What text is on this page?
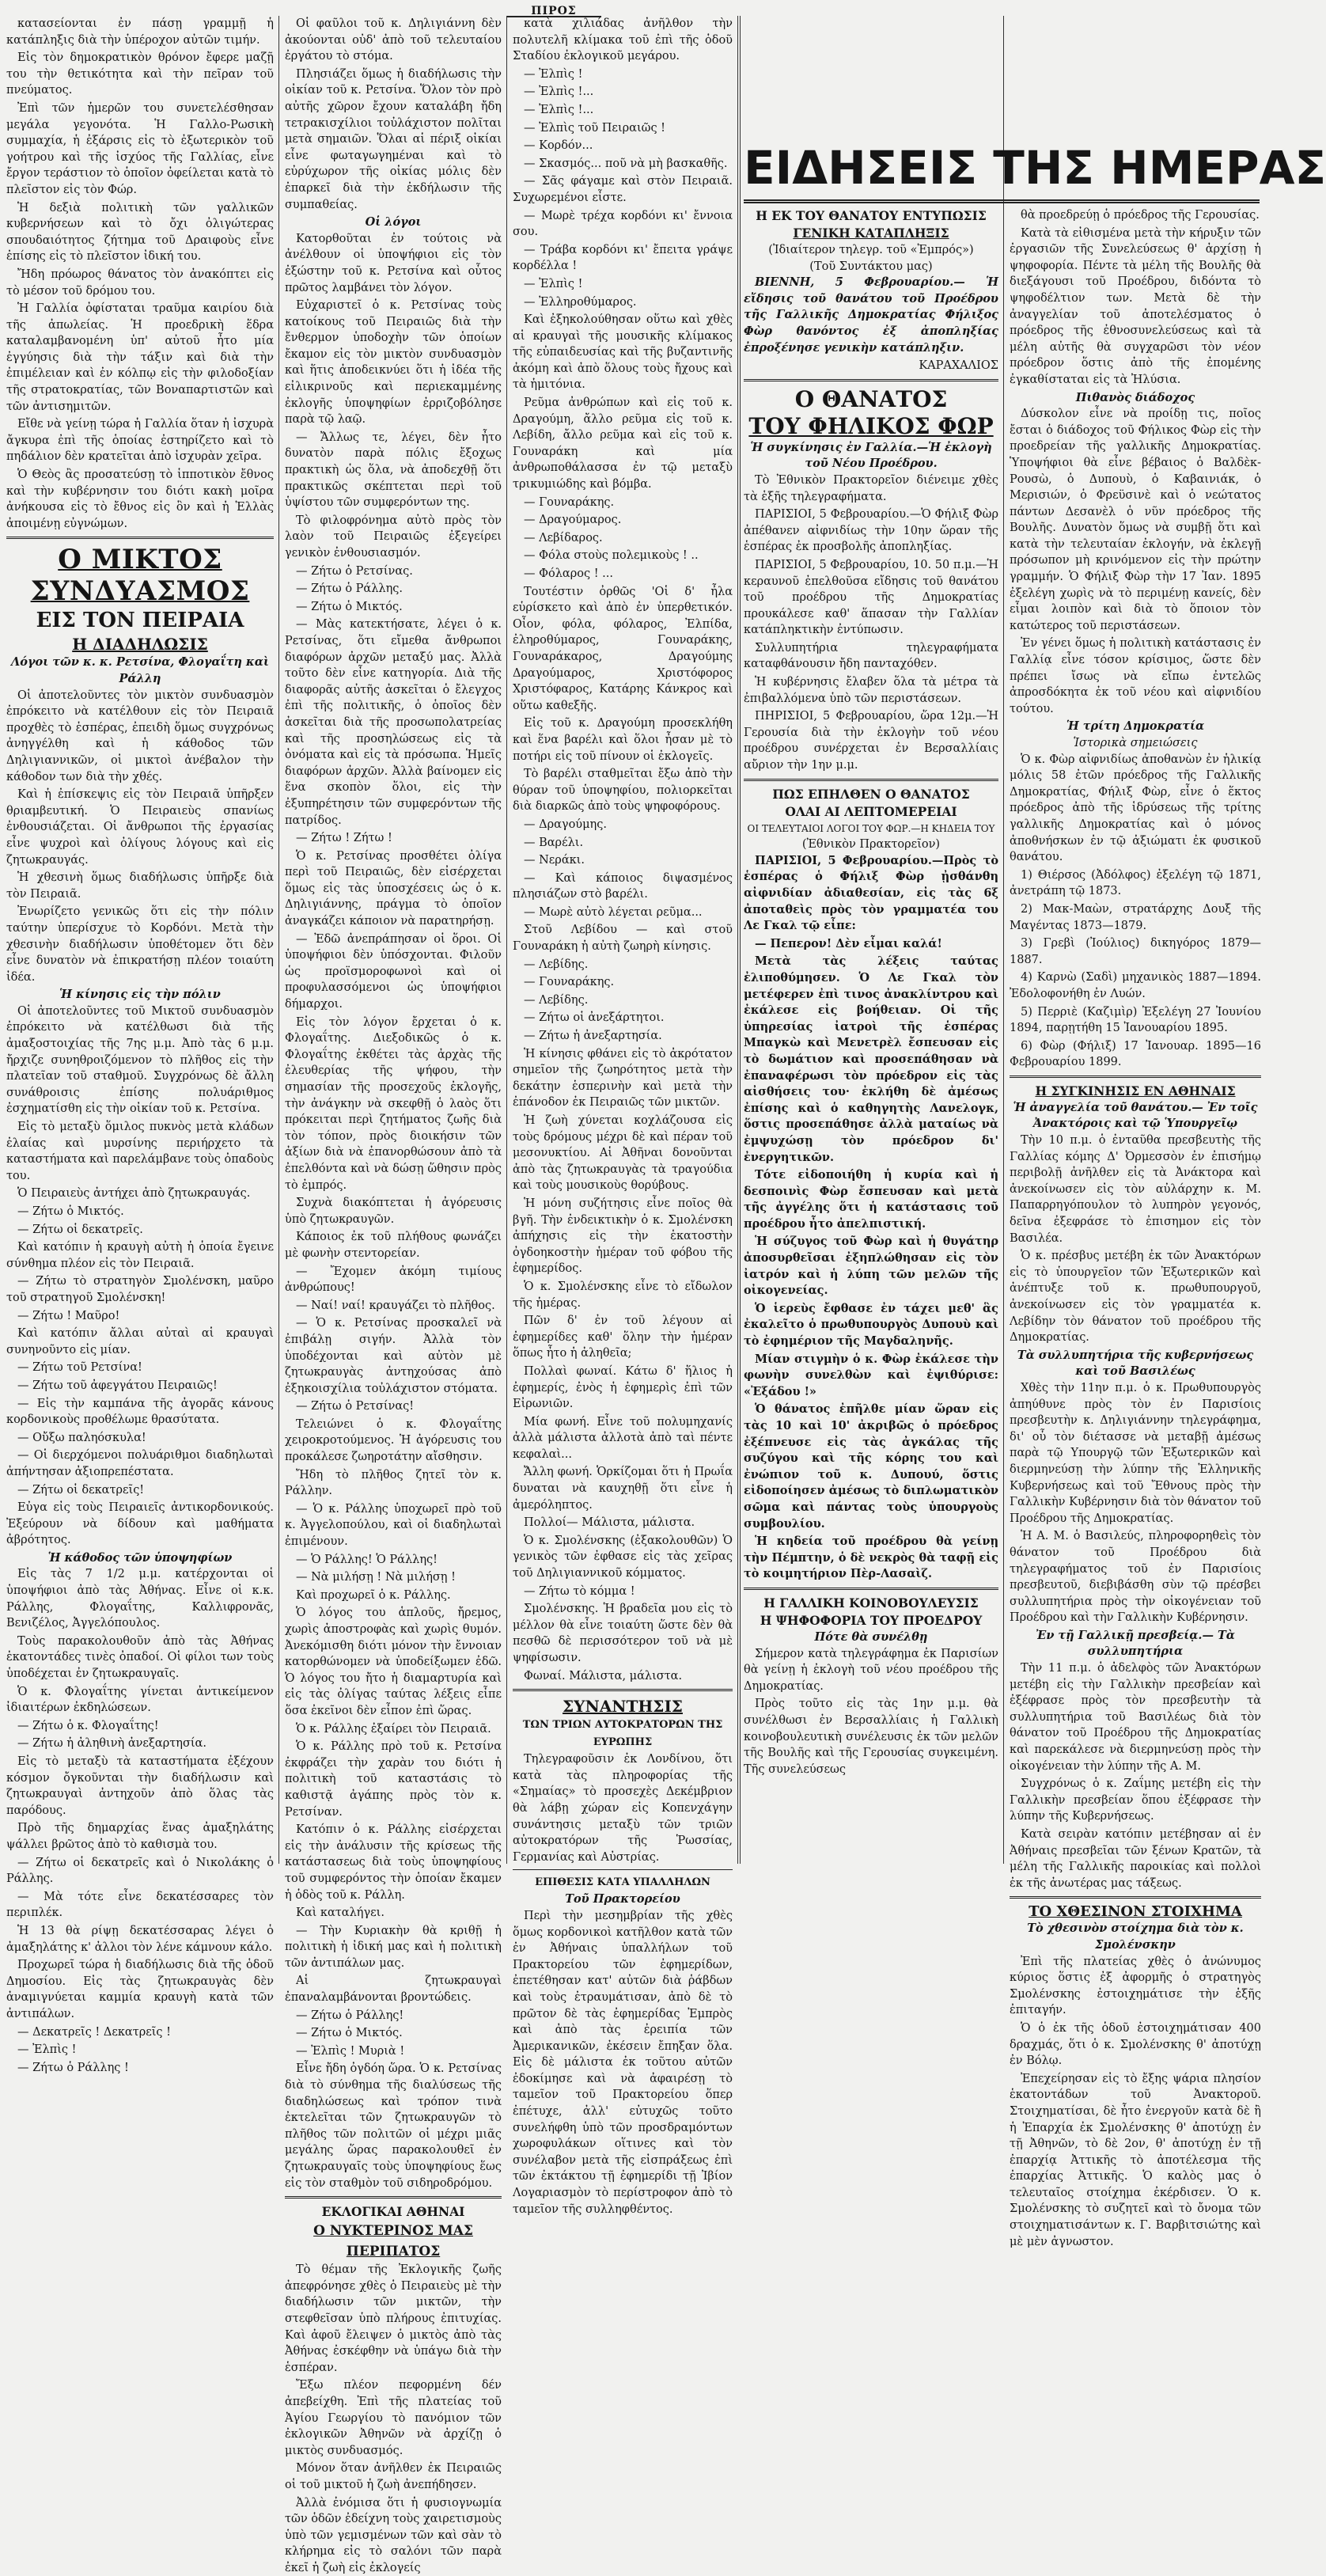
ΠΙΡΟΣ

κατασείονται ἐν πάσῃ γραμμῇ ἡ κατάπληξις διὰ τὴν ὑπέροχον αὐτῶν τιμήν.

Εἰς τὸν δημοκρατικὸν θρόνον ἔφερε μαζῇ του τὴν θετικότητα καὶ τὴν πεῖραν τοῦ πνεύματος.

Ἐπὶ τῶν ἡμερῶν του συνετελέσθησαν μεγάλα γεγονότα. Ἡ Γαλλο-Ρωσικὴ συμμαχία, ἡ ἐξάρσις εἰς τὸ ἐξωτερικὸν τοῦ γοήτρου καὶ τῆς ἰσχύος τῆς Γαλλίας, εἶνε ἔργον τεράστιον τὸ ὁποῖον ὀφείλεται κατὰ τὸ πλεῖστον εἰς τὸν Φώρ.

Ἡ δεξιὰ πολιτικὴ τῶν γαλλικῶν κυβερνήσεων καὶ τὸ ὄχι ὀλιγώτερας σπουδαιότητος ζήτημα τοῦ Δραιφοὺς εἶνε ἐπίσης εἰς τὸ πλεῖστον ἰδική του.

Ἤδη πρόωρος θάνατος τὸν ἀνακόπτει εἰς τὸ μέσον τοῦ δρόμου του.

Ἡ Γαλλία ὀφίσταται τραῦμα καιρίου διὰ τῆς ἀπωλείας. Ἡ προεδρικὴ ἕδρα καταλαμβανομένη ὑπ' αὐτοῦ ἦτο μία ἐγγύησις διὰ τὴν τάξιν καὶ διὰ τὴν ἐπιμέλειαν καὶ ἐν κόλπῳ εἰς τὴν φιλοδοξίαν τῆς στρατοκρατίας, τῶν Βοναπαρτιστῶν καὶ τῶν ἀντισημιτῶν.

Εἴθε νὰ γείνῃ τώρα ἡ Γαλλία ὅταν ἡ ἰσχυρὰ ἄγκυρα ἐπὶ τῆς ὁποίας ἐστηρίζετο καὶ τὸ πηδάλιον δὲν κρατεῖται ἀπὸ ἰσχυρὰν χεῖρα.

Ὁ Θεὸς ἂς προσατεύσῃ τὸ ἱπποτικὸν ἔθνος καὶ τὴν κυβέρνησιν του διότι κακὴ μοῖρα ἀνήκουσα εἰς τὸ ἔθνος εἰς ὃν καὶ ἡ Ἑλλὰς ἀποιμένῃ εὐγνώμων.

Ο ΜΙΚΤΟΣ ΣΥΝΔΥΑΣΜΟΣ
ΕΙΣ ΤΟΝ ΠΕΙΡΑΙΑ
Η ΔΙΑΔΗΛΩΣΙΣ
Λόγοι τῶν κ. κ. Ρετσίνα, Φλογαΐτη καὶ Ράλλη

Οἱ ἀποτελοῦντες τὸν μικτὸν συνδυασμὸν ἐπρόκειτο νὰ κατέλθουν εἰς τὸν Πειραιᾶ προχθὲς τὸ ἑσπέρας, ἐπειδὴ ὅμως συγχρόνως ἀνηγγέλθη καὶ ἡ κάθοδος τῶν Δηλιγιαννικῶν, οἱ μικτοὶ ἀνέβαλον τὴν κάθοδον των διὰ τὴν χθές.

Καὶ ἡ ἐπίσκεψις εἰς τὸν Πειραιᾶ ὑπῆρξεν θριαμβευτική. Ὁ Πειραιεὺς σπανίως ἐνθουσιάζεται. Οἱ ἄνθρωποι τῆς ἐργασίας εἶνε ψυχροὶ καὶ ὀλίγους λόγους καὶ εἰς ζητωκραυγάς.

Ἡ χθεσινὴ ὅμως διαδήλωσις ὑπῆρξε διὰ τὸν Πειραιᾶ.

Ἐνωρίζετο γενικῶς ὅτι εἰς τὴν πόλιν ταύτην ὑπερίσχυε τὸ Κορδόνι. Μετὰ τὴν χθεσινὴν διαδήλωσιν ὑποθέτομεν ὅτι δὲν εἶνε δυνατὸν νὰ ἐπικρατήσῃ πλέον τοιαύτη ἰδέα.

Ἡ κίνησις εἰς τὴν πόλιν

Οἱ ἀποτελοῦντες τοῦ Μικτοῦ συνδυασμὸν ἐπρόκειτο νὰ κατέλθωσι διὰ τῆς ἀμαξοστοιχίας τῆς 7ης μ.μ. Ἀπὸ τὰς 6 μ.μ. ἤρχιζε συνηθροιζόμενον τὸ πλῆθος εἰς τὴν πλατεῖαν τοῦ σταθμοῦ. Συγχρόνως δὲ ἄλλη συνάθροισις ἐπίσης πολυάριθμος ἐσχηματίσθη εἰς τὴν οἰκίαν τοῦ κ. Ρετσίνα.

Εἰς τὸ μεταξὺ ὅμιλος πυκνὸς μετὰ κλάδων ἐλαίας καὶ μυρσίνης περιήρχετο τὰ καταστήματα καὶ παρελάμβανε τοὺς ὀπαδοὺς του.

Ὁ Πειραιεὺς ἀντήχει ἀπὸ ζητωκραυγάς.

— Ζήτω ὁ Μικτός.

— Ζήτω οἱ δεκατρεῖς.

Καὶ κατόπιν ἡ κραυγὴ αὐτὴ ἡ ὁποία ἔγεινε σύνθημα πλέον εἰς τὸν Πειραιᾶ.

— Ζήτω τὸ στρατηγὸν Σμολένσκη, μαῦρο τοῦ στρατηγοῦ Σμολένσκη!

— Ζήτω ! Μαῦρο!

Καὶ κατόπιν ἄλλαι αὐταὶ αἱ κραυγαὶ συνηνοῦντο εἰς μίαν.

— Ζήτω τοῦ Ρετσίνα!

— Ζήτω τοῦ ἀφεγγάτου Πειραιῶς!

— Εἰς τὴν καμπάνα τῆς ἀγορᾶς κάνους κορδονικοὺς προθέλωμε θρασύτατα.

— Οὔξω παληόσκυλα!

— Οἱ διερχόμενοι πολυάριθμοι διαδηλωταὶ ἀπήντησαν ἀξιοπρεπέστατα.

— Ζήτω οἱ δεκατρεῖς!

Εὐγα εἰς τοὺς Πειραιεῖς ἀντικορδονικούς. Ἐξεύρουν νὰ δίδουν καὶ μαθήματα ἀβρότητος.

Ἡ κάθοδος τῶν ὑποψηφίων

Εἰς τὰς 7 1/2 μ.μ. κατέρχονται οἱ ὑποψήφιοι ἀπὸ τὰς Ἀθήνας. Εἶνε οἱ κ.κ. Ράλλης, Φλογαΐτης, Καλλιφρονᾶς, Βενιζέλος, Ἀγγελόπουλος.

Τοὺς παρακολουθοῦν ἀπὸ τὰς Ἀθήνας ἑκατοντάδες τινὲς ὀπαδοί. Οἱ φίλοι των τοὺς ὑποδέχεται ἐν ζητωκραυγαῖς.

Ὁ κ. Φλογαΐτης γίνεται ἀντικείμενον ἰδιαιτέρων ἐκδηλώσεων.

— Ζήτω ὁ κ. Φλογαΐτης!

— Ζήτω ἡ ἀληθινὴ ἀνεξαρτησία.

Εἰς τὸ μεταξὺ τὰ καταστήματα ἐξέχουν κόσμον ὄγκοῦνται τὴν διαδήλωσιν καὶ ζητωκραυγαὶ ἀντηχοῦν ἀπὸ ὅλας τὰς παρόδους.

Πρὸ τῆς δημαρχίας ἕνας ἀμαξηλάτης ψάλλει βρῶτος ἀπὸ τὸ καθισμὰ του.

— Ζήτω οἱ δεκατρεῖς καὶ ὁ Νικολάκης ὁ Ράλλης.

— Μὰ τότε εἶνε δεκατέσσαρες τὸν περιπλέκ.

Ἡ 13 θὰ ρίψῃ δεκατέσσαρας λέγει ὁ ἀμαξηλάτης κ' ἀλλοι τὸν λένε κάμνουν κάλο.

Προχωρεῖ τώρα ἡ διαδήλωσις διὰ τῆς ὁδοῦ Δημοσίου. Εἰς τὰς ζητωκραυγὰς δὲν ἀναμιγνύεται καμμία κραυγὴ κατὰ τῶν ἀντιπάλων.

— Δεκατρεῖς ! Δεκατρεῖς !

— Ἐλπὶς !

— Ζήτω ὁ Ράλλης !

Οἱ φαῦλοι τοῦ κ. Δηλιγιάννη δὲν ἀκούονται οὐδ' ἀπὸ τοῦ τελευταίου ἐργάτου τὸ στόμα.

Πλησιάζει ὅμως ἡ διαδήλωσις τὴν οἰκίαν τοῦ κ. Ρετσίνα. Ὅλον τὸν πρὸ αὐτῆς χῶρον ἔχουν καταλάβη ἤδη τετρακισχίλιοι τοὐλάχιστον πολῖται μετὰ σημαιῶν. Ὅλαι αἱ πέριξ οἰκίαι εἶνε φωταγωγημέναι καὶ τὸ εὐρύχωρον τῆς οἰκίας μόλις δὲν ἐπαρκεῖ διὰ τὴν ἐκδήλωσιν τῆς συμπαθείας.

Οἱ λόγοι

Κατορθοῦται ἐν τούτοις νὰ ἀνέλθουν οἱ ὑποψήφιοι εἰς τὸν ἐξώστην τοῦ κ. Ρετσίνα καὶ οὗτος πρῶτος λαμβάνει τὸν λόγον.

Εὐχαριστεῖ ὁ κ. Ρετσίνας τοὺς κατοίκους τοῦ Πειραιῶς διὰ τὴν ἔνθερμον ὑποδοχὴν τῶν ὁποίων ἔκαμον εἰς τὸν μικτὸν συνδυασμὸν καὶ ἥτις ἀποδεικνύει ὅτι ἡ ἰδέα τῆς εἰλικρινοῦς καὶ περιεκαμμένης ἐκλογῆς ὑποψηφίων ἐρριζοβόλησε παρὰ τῷ λαῷ.

— Ἄλλως τε, λέγει, δὲν ἦτο δυνατὸν παρὰ πόλις ἔξοχως πρακτικὴ ὡς ὅλα, νὰ ἀποδεχθῇ ὅτι πρακτικῶς σκέπτεται περὶ τοῦ ὑψίστου τῶν συμφερόντων της.

Τὸ φιλοφρόνημα αὐτὸ πρὸς τὸν λαὸν τοῦ Πειραιῶς ἐξεγείρει γενικὸν ἐνθουσιασμόν.

— Ζήτω ὁ Ρετσίνας.

— Ζήτω ὁ Ράλλης.

— Ζήτω ὁ Μικτός.

— Μὰς κατεκτήσατε, λέγει ὁ κ. Ρετσίνας, ὅτι εἴμεθα ἄνθρωποι διαφόρων ἀρχῶν μεταξύ μας. Ἀλλὰ τοῦτο δὲν εἶνε κατηγορία. Διὰ τῆς διαφορᾶς αὐτῆς ἀσκεῖται ὁ ἔλεγχος ἐπὶ τῆς πολιτικῆς, ὁ ὁποῖος δὲν ἀσκεῖται διὰ τῆς προσωπολατρείας καὶ τῆς προσηλώσεως εἰς τὰ ὀνόματα καὶ εἰς τὰ πρόσωπα. Ἡμεῖς διαφόρων ἀρχῶν. Ἀλλὰ βαίνομεν εἰς ἕνα σκοπὸν ὅλοι, εἰς τὴν ἐξυπηρέτησιν τῶν συμφερόντων τῆς πατρίδος.

— Ζήτω ! Ζήτω !

Ὁ κ. Ρετσίνας προσθέτει ὀλίγα περὶ τοῦ Πειραιῶς, δὲν εἰσέρχεται ὅμως εἰς τὰς ὑποσχέσεις ὡς ὁ κ. Δηλιγιάννης, πράγμα τὸ ὁποῖον ἀναγκάζει κάποιον νὰ παρατηρήσῃ.

— Ἐδῶ ἀνεπράπησαν οἱ ὅροι. Οἱ ὑποψήφιοι δὲν ὑπόσχονται. Φιλοῦν ὡς προϊσμοροφωνοὶ καὶ οἱ προφυλασσόμενοι ὡς ὑποψήφιοι δήμαρχοι.

Εἰς τὸν λόγον ἔρχεται ὁ κ. Φλογαΐτης. Διεξοδικῶς ὁ κ. Φλογαΐτης ἐκθέτει τὰς ἀρχὰς τῆς ἐλευθερίας τῆς ψήφου, τὴν σημασίαν τῆς προσεχοῦς ἐκλογῆς, τὴν ἀνάγκην νὰ σκεφθῇ ὁ λαὸς ὅτι πρόκειται περὶ ζητήματος ζωῆς διὰ τὸν τόπον, πρὸς διοικήσιν τῶν ἀξίων διὰ νὰ ἐπανορθώσουν ἀπὸ τὰ ἐπελθόντα καὶ νὰ δώσῃ ὥθησιν πρὸς τὸ ἐμπρός.

Συχνὰ διακόπτεται ἡ ἀγόρευσις ὑπὸ ζητωκραυγῶν.

Κάποιος ἐκ τοῦ πλήθους φωνάζει μὲ φωνὴν στεντορείαν.

— Ἔχομεν ἀκόμη τιμίους ἀνθρώπους!

— Ναί! ναί! κραυγάζει τὸ πλῆθος.

— Ὁ κ. Ρετσίνας προσκαλεῖ νὰ ἐπιβάλῃ σιγήν. Ἀλλὰ τὸν ὑποδέχονται καὶ αὐτὸν μὲ ζητωκραυγὰς ἀντηχούσας ἀπὸ ἐξηκοισχίλια τοὐλάχιστον στόματα.

— Ζήτω ὁ Ρετσίνας!

Τελειώνει ὁ κ. Φλογαΐτης χειροκροτούμενος. Ἡ ἀγόρευσις του προκάλεσε ζωηροτάτην αἴσθησιν.

Ἤδη τὸ πλῆθος ζητεῖ τὸν κ. Ράλλην.

— Ὁ κ. Ράλλης ὑποχωρεῖ πρὸ τοῦ κ. Ἀγγελοπούλου, καὶ οἱ διαδηλωταὶ ἐπιμένουν.

— Ὁ Ράλλης! Ὁ Ράλλης!

— Νὰ μιλήσῃ ! Νὰ μιλήσῃ !

Καὶ προχωρεῖ ὁ κ. Ράλλης.

Ὁ λόγος του ἁπλοῦς, ἤρεμος, χωρὶς ἀποστροφὰς καὶ χωρὶς θυμόν. Ἀνεκόμισθη διότι μόνον τὴν ἔννοιαν κατορθώνομεν νὰ ὑποδείξωμεν ἐδῶ. Ὁ λόγος του ἤτο ἡ διαμαρτυρία καὶ εἰς τὰς ὀλίγας ταύτας λέξεις εἶπε ὅσα ἐκεῖνοι δὲν εἶπον ἐπὶ ὥρας.

Ὁ κ. Ράλλης ἐξαίρει τὸν Πειραιᾶ.

Ὁ κ. Ράλλης πρὸ τοῦ κ. Ρετσίνα ἐκφράζει τὴν χαρὰν του διότι ἡ πολιτικὴ τοῦ καταστάσις τὸ καθιστᾷ ἀγάπης πρὸς τὸν κ. Ρετσίναν.

Κατόπιν ὁ κ. Ράλλης εἰσέρχεται εἰς τὴν ἀνάλυσιν τῆς κρίσεως τῆς κατάστασεως διὰ τοὺς ὑποψηφίους τοῦ συμφερόντος τὴν ὁποίαν ἔκαμεν ἡ ὁδὸς τοῦ κ. Ράλλη.

Καὶ καταλήγει.

— Τὴν Κυριακὴν θὰ κριθῇ ἡ πολιτικὴ ἡ ἰδική μας καὶ ἡ πολιτικὴ τῶν ἀντιπάλων μας.

Αἱ ζητωκραυγαὶ ἐπαναλαμβάνονται βροντώδεις.

— Ζήτω ὁ Ράλλης!

— Ζήτω ὁ Μικτός.

— Ἐλπὶς ! Μυριὰ !

Εἶνε ἤδη ὀγδόη ὥρα. Ὁ κ. Ρετσίνας διὰ τὸ σύνθημα τῆς διαλύσεως τῆς διαδηλώσεως καὶ τρόπον τινὰ ἐκτελεῖται τῶν ζητωκραυγῶν τὸ πλῆθος τῶν πολιτῶν οἱ μέχρι μιᾶς μεγάλης ὥρας παρακολουθεῖ ἐν ζητωκραυγαῖς τοὺς ὑποψηφίους ἕως εἰς τὸν σταθμὸν τοῦ σιδηροδρόμου.

ΕΚΛΟΓΙΚΑΙ ΑΘΗΝΑΙ
Ο ΝΥΚΤΕΡΙΝΟΣ ΜΑΣ ΠΕΡΙΠΑΤΟΣ

Τὸ θέμαν τῆς Ἐκλογικῆς ζωῆς ἀπεφρόνησε χθὲς ὁ Πειραιεὺς μὲ τὴν διαδήλωσιν τῶν μικτῶν, τὴν στεφθεῖσαν ὑπὸ πλήρους ἐπιτυχίας. Καὶ ἀφοῦ ἔλειψεν ὁ μικτὸς ἀπὸ τὰς Ἀθήνας ἐσκέφθην νὰ ὑπάγω διὰ τὴν ἑσπέραν.

Ἔξω πλέον πεφορμένη δέν ἀπεβείχθη. Ἐπὶ τῆς πλατείας τοῦ Ἀγίου Γεωργίου τὸ πανόμιον τῶν ἐκλογικῶν Ἀθηνῶν νὰ ἀρχίζῃ ὁ μικτὸς συνδυασμός.

Μόνον ὅταν ἀνῆλθεν ἐκ Πειραιῶς οἱ τοῦ μικτοῦ ἡ ζωὴ ἀνεπήδησεν.

Ἀλλὰ ἐνόμισα ὅτι ἡ φυσιογνωμία τῶν ὁδῶν ἐδείχνη τοὺς χαιρετισμοὺς ὑπὸ τῶν γεμισμένων τῶν καὶ σὰν τὸ κλήρημα εἰς τὸ σαλόνι τῶν παρὰ ἐκεῖ ἡ ζωὴ εἰς ἐκλογείς

κατὰ χιλιάδας ἀνῆλθον τὴν πολυτελῆ κλίμακα τοῦ ἐπὶ τῆς ὁδοῦ Σταδίου ἐκλογικοῦ μεγάρου.

— Ἐλπὶς !

— Ἐλπὶς !...

— Ἐλπὶς !...

— Ἐλπὶς τοῦ Πειραιῶς !

— Κορδόν...

— Σκασμός... ποῦ νὰ μὴ βασκαθῆς.

— Σᾶς φάγαμε καὶ στὸν Πειραιᾶ. Συχωρεμένοι εἶστε.

— Μωρὲ τρέχα κορδόνι κι' ἔννοια σου.

— Τράβα κορδόνι κι' ἔπειτα γράψε κορδέλλα !

— Ἐλπὶς !

— Ἐλληροθύμαρος.

Καὶ ἐξηκολούθησαν οὕτω καὶ χθὲς αἱ κραυγαὶ τῆς μουσικῆς κλίμακος τῆς εὐπαιδευσίας καὶ τῆς βυζαντινῆς ἀκόμη καὶ ἀπὸ ὅλους τοὺς ἤχους καὶ τὰ ἡμιτόνια.

Ρεῦμα ἀνθρώπων καὶ εἰς τοῦ κ. Δραγούμη, ἄλλο ρεῦμα εἰς τοῦ κ. Λεβίδη, ἄλλο ρεῦμα καὶ εἰς τοῦ κ. Γουναράκη καὶ μία ἀνθρωποθάλασσα ἐν τῷ μεταξὺ τρικυμιώδης καὶ βόμβα.

— Γουναράκης.

— Δραγούμαρος.

— Λεβίδαρος.

— Φόλα στοὺς πολεμικοὺς ! ..

— Φόλαρος ! ...

Τουτέστιν ὀρθῶς 'Οἱ δ' ἦλα εὑρίσκετο καὶ ἀπὸ ἐν ὑπερθετικόν. Οἶον, φόλα, φόλαρος, Ἐλπίδα, ἐληροθύμαρος, Γουναράκης, Γουναράκαρος, Δραγούμης Δραγούμαρος, Χριστόφορος Χριστόφαρος, Κατάρης Κάνκρος καὶ οὕτω καθεξῆς.

Εἰς τοῦ κ. Δραγούμη προσεκλήθη καὶ ἕνα βαρέλι καὶ ὅλοι ἦσαν μὲ τὸ ποτήρι εἰς τοῦ πίνουν οἱ ἐκλογεῖς.

Τὸ βαρέλι σταθμεῖται ἔξω ἀπὸ τὴν θύραν τοῦ ὑποψηφίου, πολιορκεῖται διὰ διαρκῶς ἀπὸ τοὺς ψηφοφόρους.

— Δραγούμης.

— Βαρέλι.

— Νεράκι.

— Καὶ κάποιος διψασμένος πλησιάζων στὸ βαρέλι.

— Μωρὲ αὐτὸ λέγεται ρεῦμα...

Στοῦ Λεβίδου — καὶ στοῦ Γουναράκη ἡ αὐτὴ ζωηρὴ κίνησις.

— Λεβίδης.

— Γουναράκης.

— Λεβίδης.

— Ζήτω οἱ ἀνεξάρτητοι.

— Ζήτω ἡ ἀνεξαρτησία.

Ἡ κίνησις φθάνει εἰς τὸ ἀκρότατον σημεῖον τῆς ζωηρότητος μετὰ τὴν δεκάτην ἑσπερινὴν καὶ μετὰ τὴν ἐπάνοδον ἐκ Πειραιῶς τῶν μικτῶν.

Ἡ ζωὴ χύνεται κοχλάζουσα εἰς τοὺς δρόμους μέχρι δὲ καὶ πέραν τοῦ μεσονυκτίου. Αἱ Ἀθῆναι δονοῦνται ἀπὸ τὰς ζητωκραυγὰς τὰ τραγούδια καὶ τοὺς μουσικοὺς θορύβους.

Ἡ μόνη συζήτησις εἶνε ποῖος θὰ βγῆ. Τὴν ἐνδεικτικὴν ὁ κ. Σμολένσκη ἀπήχησις εἰς τὴν ἑκατοστὴν ὀγδοηκοστὴν ἡμέραν τοῦ φόβου τῆς ἐφημερίδος.

Ὁ κ. Σμολένσκης εἶνε τὸ εἴδωλον τῆς ἡμέρας.

Πῶν δ' ἐν τοῦ λέγουν αἱ ἐφημερίδες καθ' ὅλην τὴν ἡμέραν ὅπως ἦτο ἡ ἀληθεῖα;

Πολλαὶ φωναί. Κάτω δ' ἥλιος ἡ ἐφημερίς, ἐνὸς ἡ ἐφημερὶς ἐπὶ τῶν Εἰρωνιῶν.

Μία φωνή. Εἶνε τοῦ πολυμηχανίς ἀλλὰ μάλιστα ἀλλοτὰ ἀπὸ ταὶ πέντε κεφαλαὶ...

Ἄλλη φωνή. Ὁρκίζομαι ὅτι ἡ Πρωΐα δυναται νὰ καυχηθῇ ὅτι εἶνε ἡ ἀμερόληπτος.

Πολλοί— Μάλιστα, μάλιστα.

Ὁ κ. Σμολένσκης (ἐξακολουθῶν) Ὁ γενικὸς τῶν ἐφθασε εἰς τὰς χεῖρας τοῦ Δηλιγιαννικοῦ κόμματος.

— Ζήτω τὸ κόμμα !

Σμολένσκης. Ἡ βραδεῖα μου εἰς τὸ μέλλον θὰ εἶνε τοιαύτη ὥστε δὲν θὰ πεσθῶ δὲ περισσότερον τοῦ νὰ μὲ ψηφίσωσιν.

Φωναί. Μάλιστα, μάλιστα.

ΣΥΝΑΝΤΗΣΙΣ
ΤΩΝ ΤΡΙΩΝ ΑΥΤΟΚΡΑΤΟΡΩΝ ΤΗΣ ΕΥΡΩΠΗΣ

Τηλεγραφοῦσιν ἐκ Λονδίνου, ὅτι κατὰ τὰς πληροφορίας τῆς «Σημαίας» τὸ προσεχὲς Δεκέμβριον θὰ λάβῃ χώραν εἰς Κοπενχάγην συνάντησις μεταξὺ τῶν τριῶν αὐτοκρατόρων τῆς Ῥωσσίας, Γερμανίας καὶ Αὐστρίας.

ΕΠΙΘΕΣΙΣ ΚΑΤΑ ΥΠΑΛΛΗΛΩΝ
Τοῦ Πρακτορείου

Περὶ τὴν μεσημβρίαν τῆς χθὲς ὅμως κορδονικοὶ κατῆλθον κατὰ τῶν ἐν Ἀθήναις ὑπαλλήλων τοῦ Πρακτορείου τῶν ἐφημερίδων, ἐπετέθησαν κατ' αὐτῶν διὰ ῥάβδων καὶ τοὺς ἐτραυμάτισαν, ἀπὸ δὲ τὸ πρῶτον δὲ τὰς ἐφημερίδας Ἐμπρὸς καὶ ἀπὸ τὰς ἐρειπία τῶν Ἀμερικανικῶν, ἐκέσειν ἔπηξαν ὅλα. Εἰς δὲ μάλιστα ἐκ τοῦτου αὐτῶν ἐδοκίμησε καὶ νὰ ἀφαιρέσῃ τὸ ταμεῖον τοῦ Πρακτορείου ὅπερ ἐπέτυχε, ἀλλ' εὐτυχῶς τοῦτο συνελήφθη ὑπὸ τῶν προσδραμόντων χωροφυλάκων οἵτινες καὶ τὸν συνέλαβον μετὰ τῆς εἰσπράξεως ἐπὶ τῶν ἐκτάκτου τῇ ἐφημερίδι τῇ Ἰβίον Λογαριασμὸν τὸ περίστροφον ἀπὸ τὸ ταμεῖον τῆς συλληφθέντος.

ΕΙΔΗΣΕΙΣ ΤΗΣ ΗΜΕΡΑΣ
Η ΕΚ ΤΟΥ ΘΑΝΑΤΟΥ ΕΝΤΥΠΩΣΙΣ
ΓΕΝΙΚΗ ΚΑΤΑΠΛΗΞΙΣ
(Ἰδιαίτερον τηλεγρ. τοῦ «Ἐμπρός»)
(Τοῦ Συντάκτου μας)

ΒΙΕΝΝΗ, 5 Φεβρουαρίου.— Ἡ εἴδησις τοῦ θανάτου τοῦ Προέδρου τῆς Γαλλικῆς Δημοκρατίας Φήλιξος Φὼρ θανόντος ἐξ ἀποπληξίας ἐπροξένησε γενικὴν κατάπληξιν.

ΚΑΡΑΧΑΛΙΟΣ
Ο ΘΑΝΑΤΟΣ
ΤΟΥ ΦΗΛΙΚΟΣ ΦΩΡ
Ἡ συγκίνησις ἐν Γαλλία.—Ἡ ἐκλογὴ τοῦ Νέου Προέδρου.

Τὸ Ἐθνικὸν Πρακτορεῖον διένειμε χθὲς τὰ ἑξῆς τηλεγραφήματα.

ΠΑΡΙΣΙΟΙ, 5 Φεβρουαρίου.—Ὁ Φήλιξ Φὼρ ἀπέθανεν αἰφνιδίως τὴν 10ην ὥραν τῆς ἑσπέρας ἐκ προσβολῆς ἀποπληξίας.

ΠΑΡΙΣΙΟΙ, 5 Φεβρουαρίου, 10. 50 π.μ.—Ἡ κεραυνοῦ ἐπελθοῦσα εἴδησις τοῦ θανάτου τοῦ προέδρου τῆς Δημοκρατίας προυκάλεσε καθ' ἅπασαν τὴν Γαλλίαν κατάπληκτικὴν ἐντύπωσιν.

Συλλυπητήρια τηλεγραφήματα καταφθάνουσιν ἤδη πανταχόθεν.

Ἡ κυβέρνησις ἔλαβεν ὅλα τὰ μέτρα τὰ ἐπιβαλλόμενα ὑπὸ τῶν περιστάσεων.

ΠΗΡΙΣΙΟΙ, 5 Φεβρουαρίου, ὥρα 12μ.—Ἡ Γερουσία διὰ τὴν ἐκλογὴν τοῦ νέου προέδρου συνέρχεται ἐν Βερσαλλίαις αὔριον τὴν 1ην μ.μ.

ΠΩΣ ΕΠΗΛΘΕΝ Ο ΘΑΝΑΤΟΣ
ΟΛΑΙ ΑΙ ΛΕΠΤΟΜΕΡΕΙΑΙ
ΟΙ ΤΕΛΕΥΤΑΙΟΙ ΛΟΓΟΙ ΤΟΥ ΦΩΡ.—Η ΚΗΔΕΙΑ ΤΟΥ
(Ἐθνικὸν Πρακτορεῖον)

ΠΑΡΙΣΙΟΙ, 5 Φεβρουαρίου.—Πρὸς τὸ ἑσπέρας ὁ Φήλιξ Φὼρ ᾐσθάνθη αἰφνιδίαν ἀδιαθεσίαν, εἰς τὰς 6ξ ἀποταθεὶς πρὸς τὸν γραμματέα του Λε Γκαλ τῷ εἶπε:

— Πεπερον! Δὲν εἶμαι καλά!

Μετὰ τὰς λέξεις ταύτας ἐλιποθύμησεν. Ὁ Λε Γκαλ τὸν μετέφερεν ἐπὶ τινος ἀνακλίντρου καὶ ἐκάλεσε εἰς βοήθειαν. Οἱ τῆς ὑπηρεσίας ἰατροὶ τῆς ἑσπέρας Μπαγκὼ καὶ Μενετρὲλ ἔσπευσαν εἰς τὸ δωμάτιον καὶ προσεπάθησαν νὰ ἐπαναφέρωσι τὸν πρόεδρον εἰς τὰς αἰσθήσεις του· ἐκλήθη δὲ ἀμέσως ἐπίσης καὶ ὁ καθηγητὴς Λανελογκ, ὅστις προσεπάθησε ἀλλὰ ματαίως νὰ ἐμψυχώσῃ τὸν πρόεδρον δι' ἐνεργητικῶν.

Τότε εἰδοποιήθη ἡ κυρία καὶ ἡ δεσποινὶς Φὼρ ἔσπευσαν καὶ μετὰ τῆς ἀγγέλης ὅτι ἡ κατάστασις τοῦ προέδρου ἦτο ἀπελπιστική.

Ἡ σύζυγος τοῦ Φὼρ καὶ ἡ θυγάτηρ ἀποσυρθεῖσαι ἐξηπλώθησαν εἰς τὸν ἰατρόν καὶ ἡ λύπη τῶν μελῶν τῆς οἰκογενείας.

Ὁ ἱερεὺς ἔφθασε ἐν τάχει μεθ' ἃς ἐκαλεῖτο ὁ πρωθυπουργὸς Δυπουὺ καὶ τὸ ἐφημέριον τῆς Μαγδαληνῆς.

Μίαν στιγμὴν ὁ κ. Φὼρ ἐκάλεσε τὴν φωνὴν συνελθὼν καὶ ἐψιθύρισε: «Ἐξάδου !»

Ὁ θάνατος ἐπῆλθε μίαν ὥραν εἰς τὰς 10 καὶ 10' ἀκριβῶς ὁ πρόεδρος ἐξέπνευσε εἰς τὰς ἀγκάλας τῆς συζύγου καὶ τῆς κόρης του καὶ ἐνώπιον τοῦ κ. Δυπουύ, ὅστις εἰδοποίησεν ἀμέσως τὸ διπλωματικὸν σῶμα καὶ πάντας τοὺς ὑπουργοὺς συμβουλίου.

Ἡ κηδεία τοῦ προέδρου θὰ γείνῃ τὴν Πέμπτην, ὁ δὲ νεκρὸς θὰ ταφῇ εἰς τὸ κοιμητήριον Πὲρ-Λασαὶζ.

Η ΓΑΛΛΙΚΗ ΚΟΙΝΟΒΟΥΛΕΥΣΙΣ
Η ΨΗΦΟΦΟΡΙΑ ΤΟΥ ΠΡΟΕΔΡΟΥ
Πότε θὰ συνέλθῃ

Σήμερον κατὰ τηλεγράφημα ἐκ Παρισίων θὰ γείνῃ ἡ ἐκλογὴ τοῦ νέου προέδρου τῆς Δημοκρατίας.

Πρὸς τοῦτο εἰς τὰς 1ην μ.μ. θὰ συνέλθωσι ἐν Βερσαλλίαις ἡ Γαλλικὴ κοινοβουλευτικὴ συνέλευσις ἐκ τῶν μελῶν τῆς Βουλῆς καὶ τῆς Γερουσίας συγκειμένη. Τῆς συνελεύσεως

θὰ προεδρεύῃ ὁ πρόεδρος τῆς Γερουσίας.

Κατὰ τὰ εἰθισμένα μετὰ τὴν κήρυξιν τῶν ἐργασιῶν τῆς Συνελεύσεως θ' ἀρχίσῃ ἡ ψηφοφορία. Πέντε τὰ μέλη τῆς Βουλῆς θὰ διεξάγουσι τοῦ Προέδρου, διδόντα τὸ ψηφοδέλτιον των. Μετὰ δὲ τὴν ἀναγγελίαν τοῦ ἀποτελέσματος ὁ πρόεδρος τῆς ἐθνοσυνελεύσεως καὶ τὰ μέλη αὐτῆς θὰ συγχαρῶσι τὸν νέον πρόεδρον ὅστις ἀπὸ τῆς ἐπομένης ἐγκαθίσταται εἰς τὰ Ἠλύσια.

Πιθανὸς διάδοχος

Δύσκολον εἶνε νὰ προίδῃ τις, ποῖος ἔσται ὁ διάδοχος τοῦ Φήλικος Φὼρ εἰς τὴν προεδρείαν τῆς γαλλικῆς Δημοκρατίας. Ὑποψήφιοι θὰ εἶνε βέβαιος ὁ Βαλδὲκ-Ρουσὼ, ὁ Δυπουὺ, ὁ Καβαινιάκ, ὁ Μερισιών, ὁ Φρεϋσινὲ καὶ ὁ νεώτατος πάντων Δεσανὲλ ὁ νῦν πρόεδρος τῆς Βουλῆς. Δυνατὸν ὅμως νὰ συμβῇ ὅτι καὶ κατὰ τὴν τελευταίαν ἐκλογήν, νὰ ἐκλεγῇ πρόσωπον μὴ κρινόμενον εἰς τὴν πρώτην γραμμήν. Ὁ Φήλιξ Φὼρ τὴν 17 Ἰαν. 1895 ἐξελέγη χωρὶς νὰ τὸ περιμένῃ κανείς, δὲν εἶμαι λοιπὸν καὶ διὰ τὸ ὅποιον τὸν κατώτερος τοῦ περιστάσεων.

Ἐν γένει ὅμως ἡ πολιτικὴ κατάστασις ἐν Γαλλίᾳ εἶνε τόσον κρίσιμος, ὥστε δὲν πρέπει ἴσως νὰ εἴπω ἐντελῶς ἀπροσδόκητα ἐκ τοῦ νέου καὶ αἰφνιδίου τούτου.

Ἡ τρίτη Δημοκρατία
Ἱστορικὰ σημειώσεις

Ὁ κ. Φὼρ αἰφνιδίως ἀποθανὼν ἐν ἡλικίᾳ μόλις 58 ἐτῶν πρόεδρος τῆς Γαλλικῆς Δημοκρατίας, Φήλιξ Φὼρ, εἶνε ὁ ἕκτος πρόεδρος ἀπὸ τῆς ἱδρύσεως τῆς τρίτης γαλλικῆς Δημοκρατίας καὶ ὁ μόνος ἀποθνήσκων ἐν τῷ ἀξιώματι ἐκ φυσικοῦ θανάτου.

1) Θιέρσος (Ἀδόλφος) ἐξελέγη τῷ 1871, ἀνετράπη τῷ 1873.

2) Μακ-Μαὼν, στρατάρχης Δουξ τῆς Μαγέντας 1873—1879.

3) Γρεβὶ (Ἰούλιος) δικηγόρος 1879—1887.

4) Καρνὼ (Σαδὶ) μηχανικὸς 1887—1894. Ἐδολοφονήθη ἐν Λυών.

5) Περριὲ (Καζιμὶρ) Ἐξελέγη 27 Ἰουνίου 1894, παρῃτήθη 15 Ἰανουαρίου 1895.

6) Φὼρ (Φήλιξ) 17 Ἰανουαρ. 1895—16 Φεβρουαρίου 1899.

Η ΣΥΓΚΙΝΗΣΙΣ ΕΝ ΑΘΗΝΑΙΣ
Ἡ ἀναγγελία τοῦ θανάτου.— Ἐν τοῖς Ἀνακτόροις καὶ τῷ Ὑπουργεῖῳ

Τὴν 10 π.μ. ὁ ἐνταῦθα πρεσβευτὴς τῆς Γαλλίας κόμης Δ' Ὀρμεσσὸν ἐν ἐπισήμῳ περιβολῇ ἀνῆλθεν εἰς τὰ Ἀνάκτορα καὶ ἀνεκοίνωσεν εἰς τὸν αὐλάρχην κ. Μ. Παπαρρηγόπουλον τὸ λυπηρὸν γεγονός, δεῖνα ἐξεφράσε τὸ ἐπισημον εἰς τὸν Βασιλέα.

Ὁ κ. πρέσβυς μετέβη ἐκ τῶν Ἀνακτόρων εἰς τὸ ὑπουργεῖον τῶν Ἐξωτερικῶν καὶ ἀνέπτυξε τοῦ κ. πρωθυπουργοῦ, ἀνεκοίνωσεν εἰς τὸν γραμματέα κ. Λεβίδην τὸν θάνατον τοῦ προέδρου τῆς Δημοκρατίας.

Τὰ συλλυπητήρια τῆς κυβερνήσεως καὶ τοῦ Βασιλέως

Χθὲς τὴν 11ην π.μ. ὁ κ. Πρωθυπουργὸς ἀπηύθυνε πρὸς τὸν ἐν Παρισίοις πρεσβευτὴν κ. Δηλιγιάννην τηλεγράφημα, δι' οὗ τὸν διέτασσε νὰ μεταβῇ ἀμέσως παρὰ τῷ Υπουργῷ τῶν Ἐξωτερικῶν καὶ διερμηνεύσῃ τὴν λύπην τῆς Ἑλληνικῆς Κυβερνήσεως καὶ τοῦ Ἔθνους πρὸς τὴν Γαλλικὴν Κυβέρνησιν διὰ τὸν θάνατον τοῦ Προέδρου τῆς Δημοκρατίας.

Ἡ Α. Μ. ὁ Βασιλεύς, πληροφορηθεὶς τὸν θάνατον τοῦ Προέδρου διὰ τηλεγραφήματος τοῦ ἐν Παρισίοις πρεσβευτοῦ, διεβιβάσθη σὺν τῷ πρέσβει συλλυπητήρια πρὸς τὴν οἰκογένειαν τοῦ Προέδρου καὶ τὴν Γαλλικὴν Κυβέρνησιν.

Ἐν τῇ Γαλλικῇ πρεσβείᾳ.— Τὰ συλλυπητήρια

Τὴν 11 π.μ. ὁ ἀδελφὸς τῶν Ἀνακτόρων μετέβη εἰς τὴν Γαλλικὴν πρεσβείαν καὶ ἐξέφρασε πρὸς τὸν πρεσβευτὴν τὰ συλλυπητήρια τοῦ Βασιλέως διὰ τὸν θάνατον τοῦ Προέδρου τῆς Δημοκρατίας καὶ παρεκάλεσε νὰ διερμηνεύσῃ πρὸς τὴν οἰκογένειαν τὴν λύπην τῆς Α. Μ.

Συγχρόνως ὁ κ. Ζαΐμης μετέβη εἰς τὴν Γαλλικὴν πρεσβείαν ὅπου ἐξέφρασε τὴν λύπην τῆς Κυβερνήσεως.

Κατὰ σειρὰν κατόπιν μετέβησαν αἱ ἐν Ἀθήναις πρεσβεῖαι τῶν ξένων Κρατῶν, τὰ μέλη τῆς Γαλλικῆς παροικίας καὶ πολλοὶ ἐκ τῆς ἀνωτέρας μας τάξεως.

ΤΟ ΧΘΕΣΙΝΟΝ ΣΤΟΙΧΗΜΑ
Τὸ χθεσινὸν στοίχημα διὰ τὸν κ. Σμολένσκην

Ἐπὶ τῆς πλατείας χθὲς ὁ ἀνώνυμος κύριος ὅστις ἐξ ἀφορμῆς ὁ στρατηγὸς Σμολένσκης ἐστοιχημάτισε τὴν ἑξῆς ἐπιταγήν.

Ὁ ὁ ἐκ τῆς ὁδοῦ ἐστοιχημάτισαν 400 δραχμάς, ὅτι ὁ κ. Σμολένσκης θ' ἀποτύχῃ ἐν Βόλῳ.

Ἐπεχείρησαν εἰς τὸ ἔξης ψάρια πλησίον ἑκατοντάδων τοῦ Ἀνακτοροῦ. Στοιχηματίσαι, δὲ ἦτο ἐνεργοῦν κατὰ δὲ ἢ ἡ Ἐπαρχία ἐκ Σμολένσκης θ' ἀποτύχῃ ἐν τῇ Ἀθηνῶν, τὸ δὲ 2ον, θ' ἀποτύχῃ ἐν τῇ ἐπαρχίᾳ Ἀττικῆς τὸ ἀποτέλεσμα τῆς ἐπαρχίας Ἀττικῆς. Ὁ καλὸς μας ὁ τελευταῖος στοίχημα ἐκέρδισεν. Ὁ κ. Σμολένσκης τὸ συζητεῖ καὶ τὸ ὄνομα τῶν στοιχηματισάντων κ. Γ. Βαρβιτσιώτης καὶ μὲ μὲν ἀγνωστον.
